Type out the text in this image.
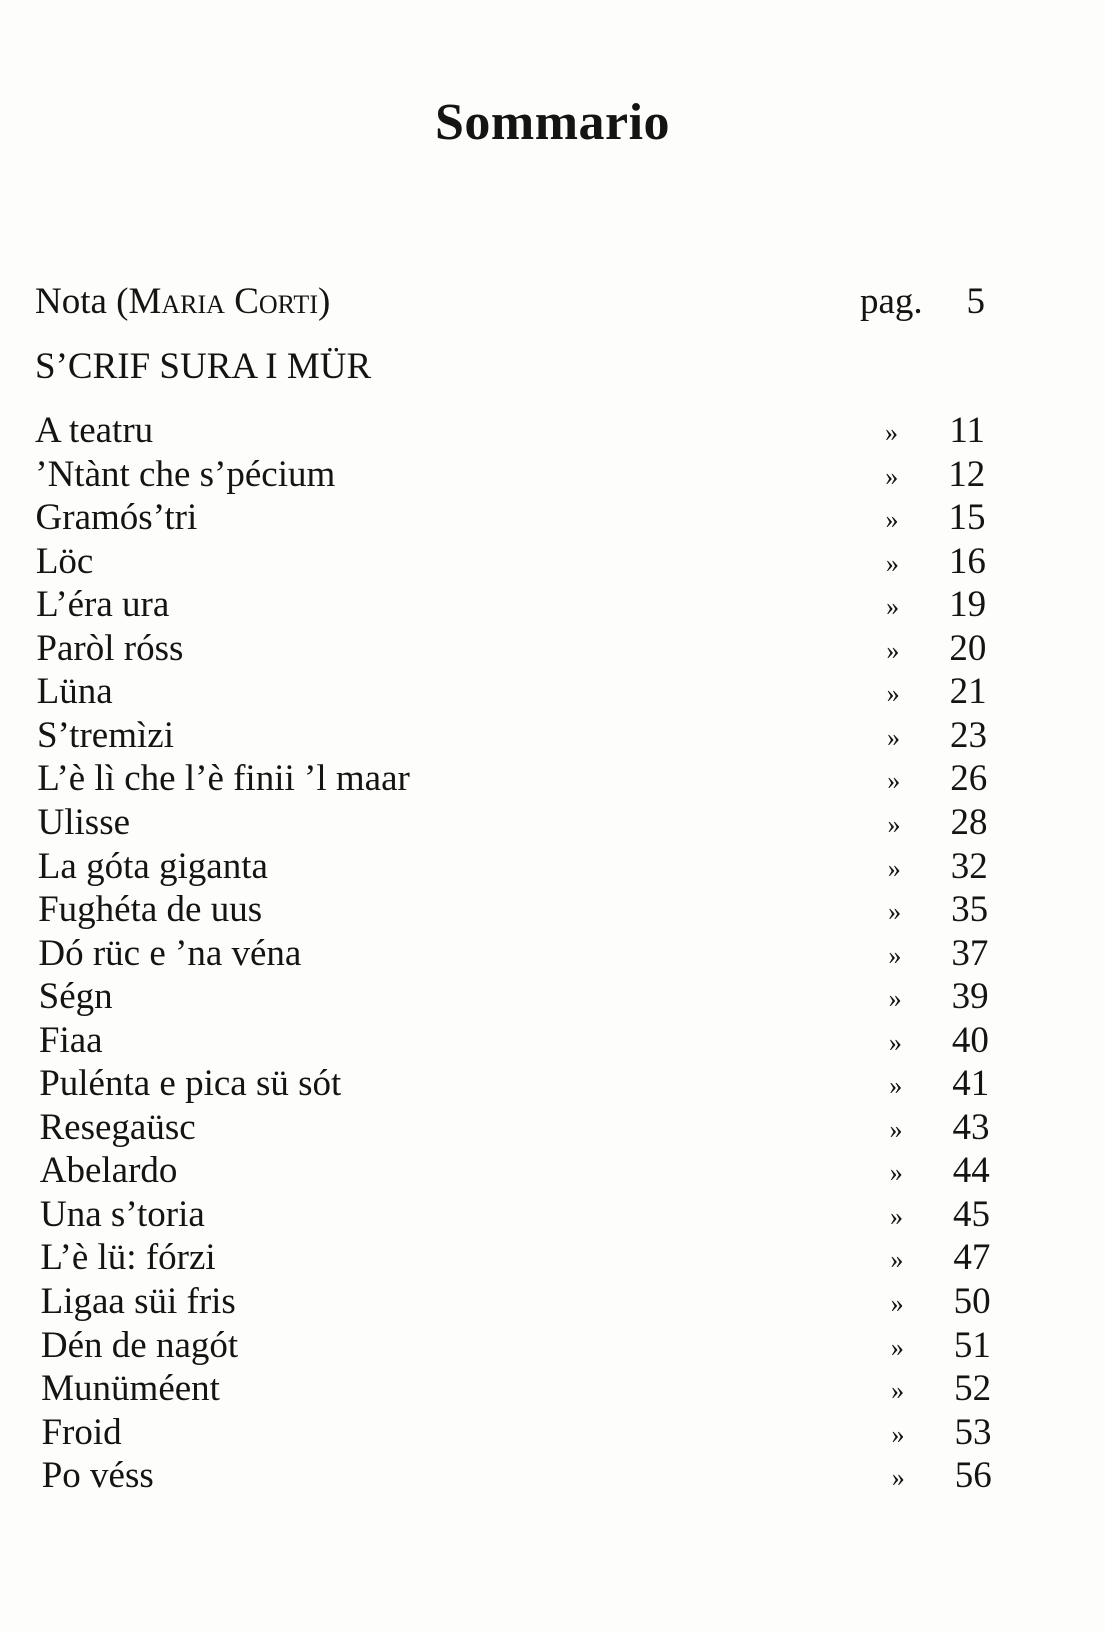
Sommario
Nota (Maria Corti)	pag. 5
S’CRIF SURA I MÜR
A teatru	» 11
’Ntànt che s’pécium	» 12
Gramós’tri	» 15
Löc	» 16
L’éra ura	» 19
Paròl róss	» 20
Lüna	» 21
S’tremìzi	» 23
L’è lì che l’è finii ’l maar	» 26
Ulisse	» 28
La góta giganta	» 32
Fughéta de uus	» 35
Dó rüc e ’na véna	» 37
Ségn	» 39
Fiaa	» 40
Puléntа e pica sü sót	» 41
Resegaüsc	» 43
Abelardo	» 44
Una s’toria	» 45
L’è lü: fórzi	» 47
Ligaa süi fris	» 50
Dén de nagót	» 51
Munüméent	» 52
Froid	» 53
Po véss	» 56
